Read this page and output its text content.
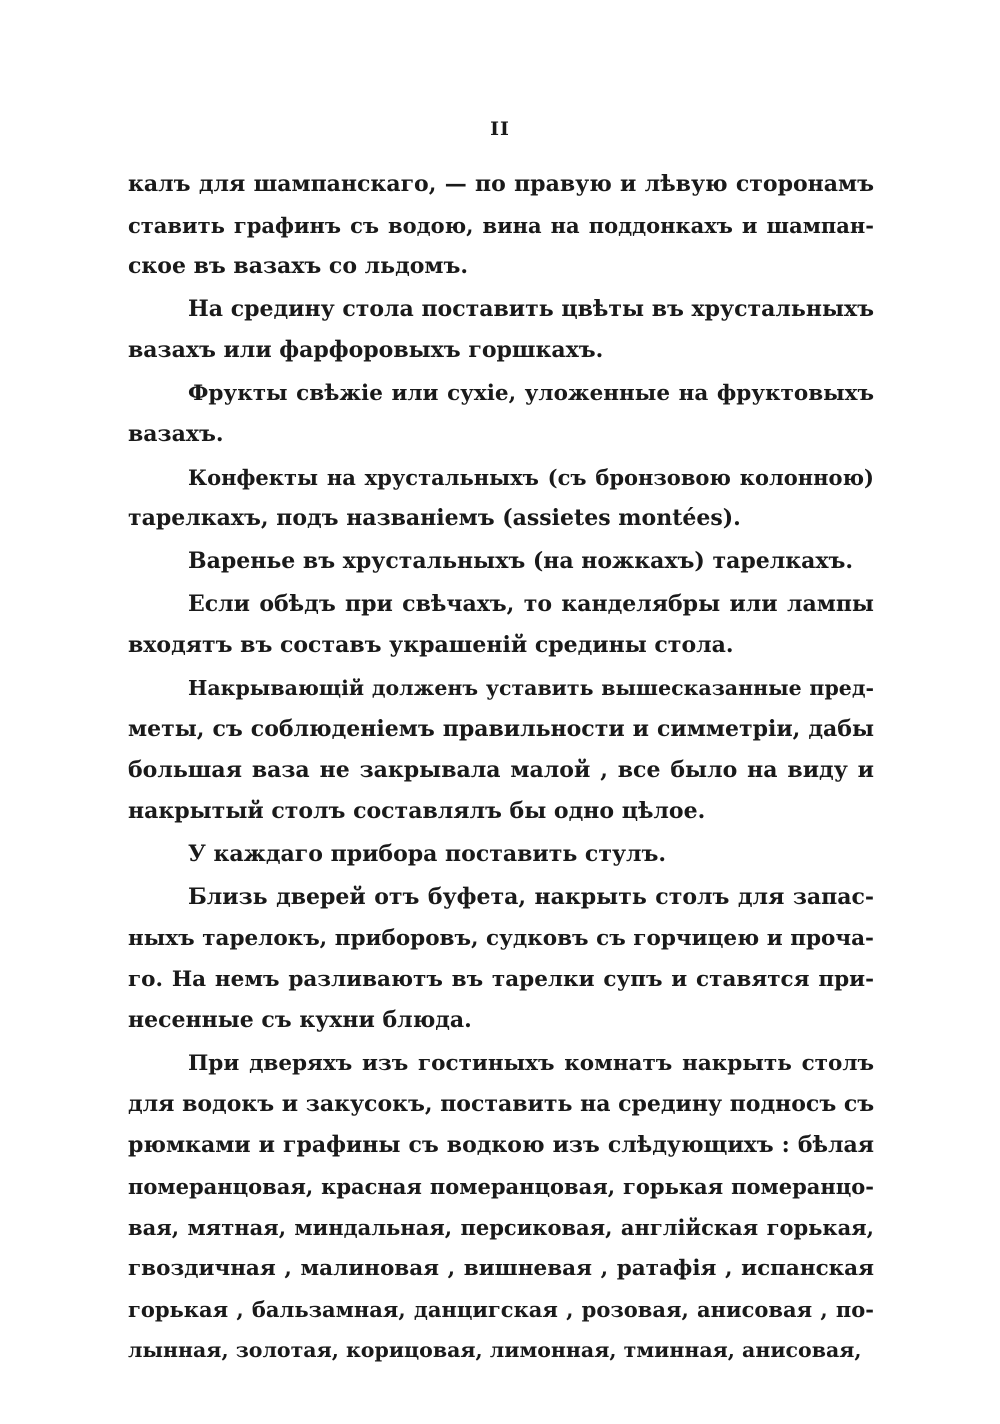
II
калъ для шампанскаго, — по правую и лѣвую сторонамъ
ставить графинъ съ водою, вина на поддонкахъ и шампан-
ское въ вазахъ со льдомъ.
На средину стола поставить цвѣты въ хрустальныхъ
вазахъ или фарфоровыхъ горшкахъ.
Фрукты свѣжіе или сухіе, уложенные на фруктовыхъ
вазахъ.
Конфекты на хрустальныхъ (съ бронзовою колонною)
тарелкахъ, подъ названіемъ (assietes montées).
Варенье въ хрустальныхъ (на ножкахъ) тарелкахъ.
Если обѣдъ при свѣчахъ, то канделябры или лампы
входятъ въ составъ украшеній средины стола.
Накрывающій долженъ уставить вышесказанные пред-
меты, съ соблюденіемъ правильности и симметріи, дабы
большая ваза не закрывала малой , все было на виду и
накрытый столъ составлялъ бы одно цѣлое.
У каждаго прибора поставить стулъ.
Близь дверей отъ буфета, накрыть столъ для запас-
ныхъ тарелокъ, приборовъ, судковъ съ горчицею и проча-
го. На немъ разливаютъ въ тарелки супъ и ставятся при-
несенные съ кухни блюда.
При дверяхъ изъ гостиныхъ комнатъ накрыть столъ
для водокъ и закусокъ, поставить на средину подносъ съ
рюмками и графины съ водкою изъ слѣдующихъ : бѣлая
померанцовая, красная померанцовая, горькая померанцо-
вая, мятная, миндальная, персиковая, англійская горькая,
гвоздичная , малиновая , вишневая , ратафія , испанская
горькая , бальзамная, данцигская , розовая, анисовая , по-
лынная, золотая, корицовая, лимонная, тминная, анисовая,
